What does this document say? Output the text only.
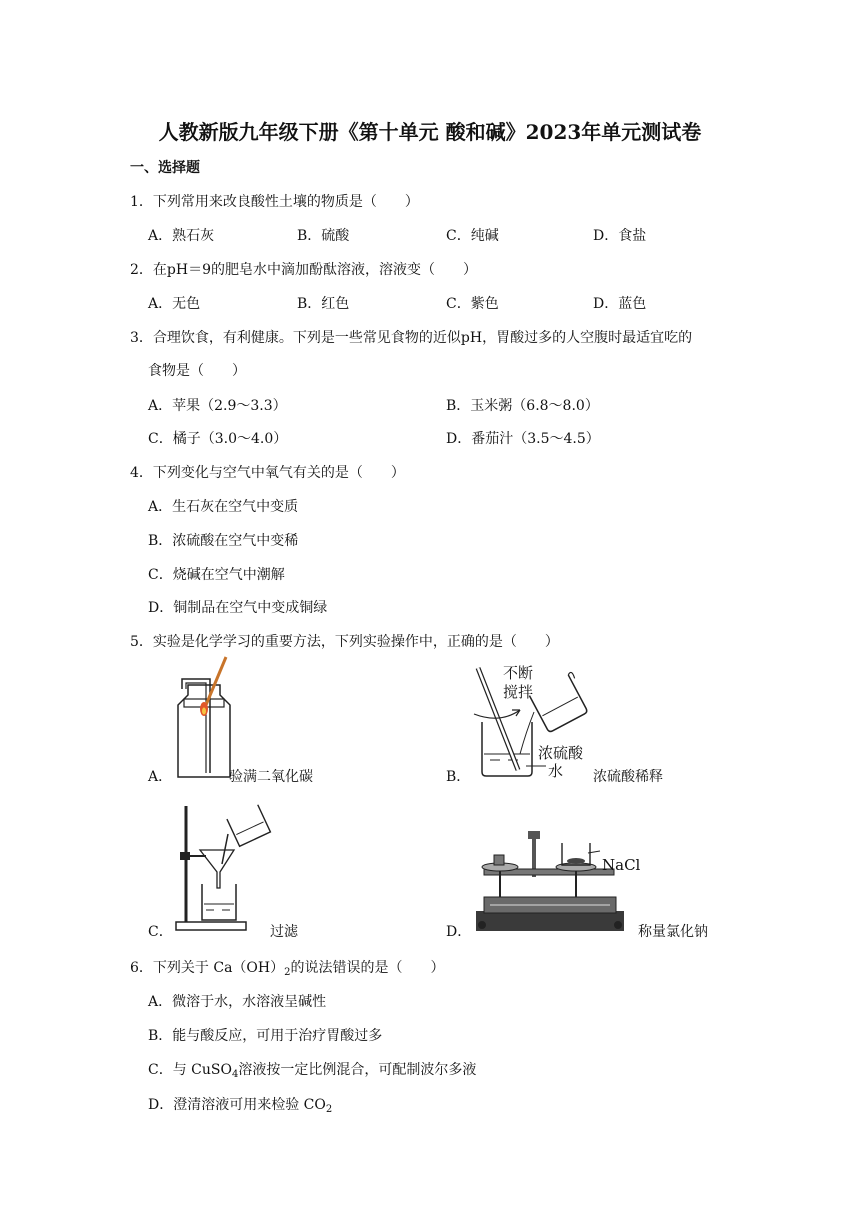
人教新版九年级下册《第十单元 酸和碱》2023年单元测试卷
一、选择题
1．下列常用来改良酸性土壤的物质是（　　）
A．熟石灰	B．硫酸	C．纯碱	D．食盐
2．在pH＝9的肥皂水中滴加酚酞溶液，溶液变（　　）
A．无色	B．红色	C．紫色	D．蓝色
3．合理饮食，有利健康。下列是一些常见食物的近似pH，胃酸过多的人空腹时最适宜吃的
食物是（　　）
A．苹果（2.9～3.3）	B．玉米粥（6.8～8.0）
C．橘子（3.0～4.0）	D．番茄汁（3.5～4.5）
4．下列变化与空气中氧气有关的是（　　）
A．生石灰在空气中变质
B．浓硫酸在空气中变稀
C．烧碱在空气中潮解
D．铜制品在空气中变成铜绿
5．实验是化学学习的重要方法，下列实验操作中，正确的是（　　）
A．	验满二氧化碳
不断
搅拌
浓硫酸
水
B．	浓硫酸稀释
C．	过滤
NaCl
D．	称量氯化钠
6．下列关于 $Ca(OH)_2$的说法错误的是（　　）
A．微溶于水，水溶液呈碱性
B．能与酸反应，可用于治疗胃酸过多
C．与 CuSO$_4$溶液按一定比例混合，可配制波尔多液
D．澄清溶液可用来检验 $CO_2$
